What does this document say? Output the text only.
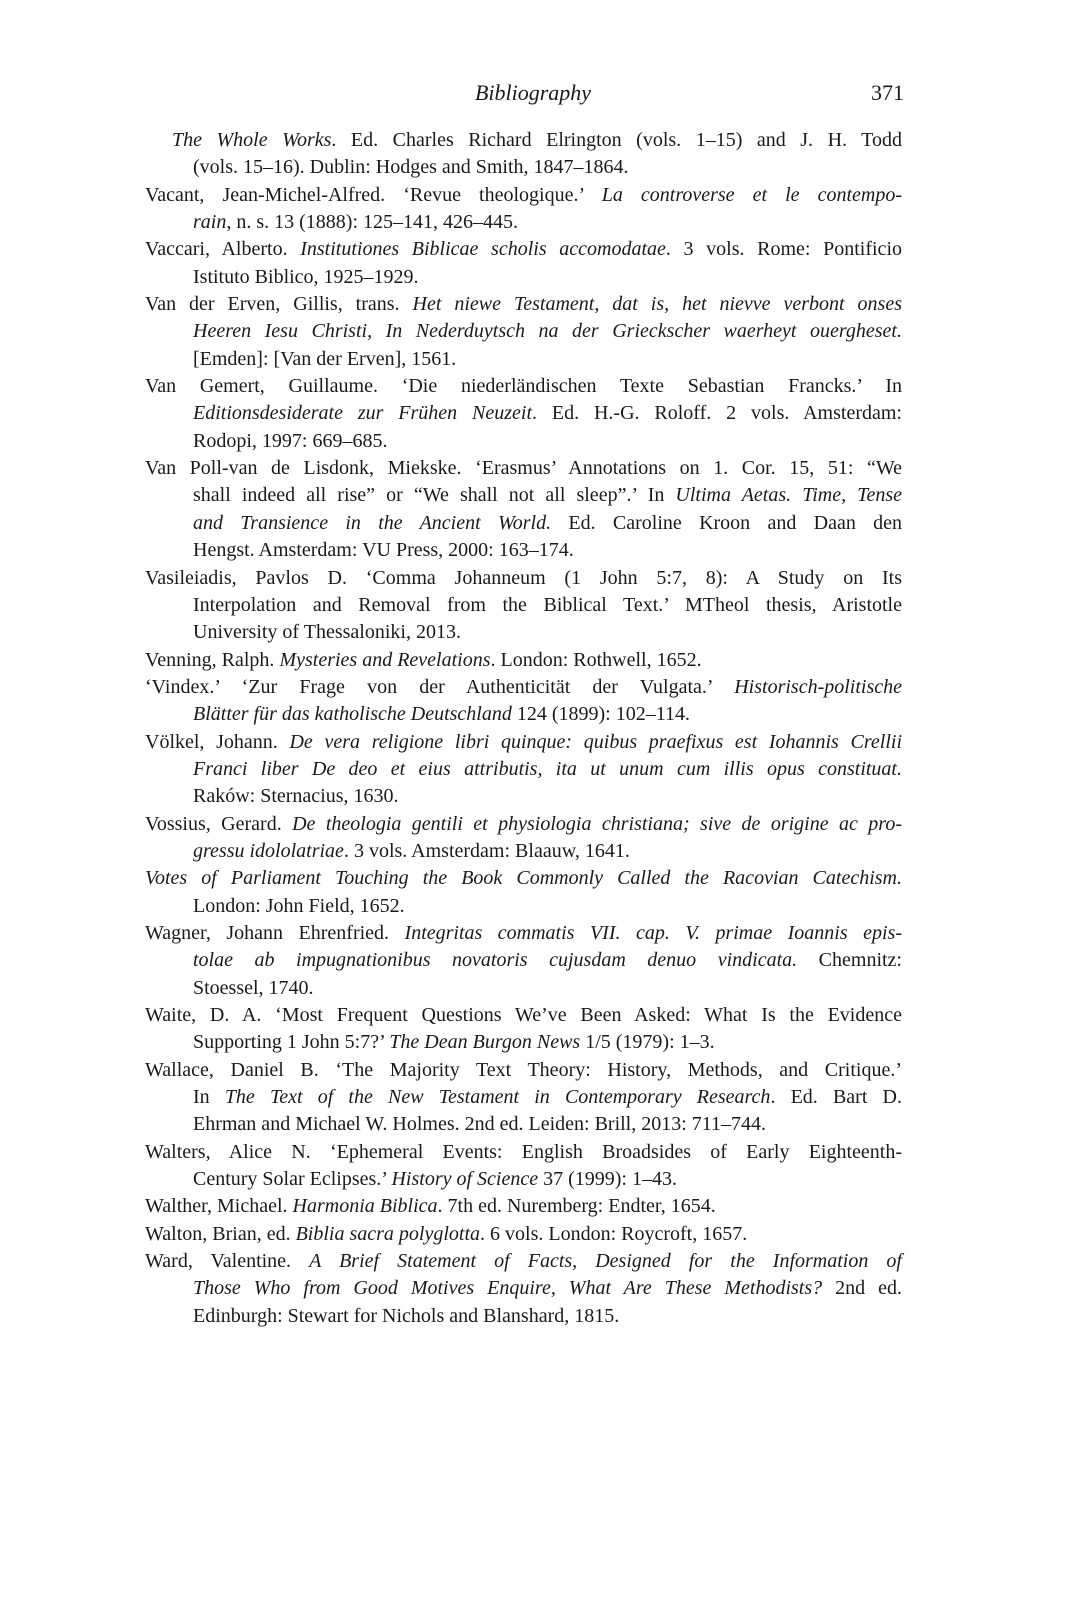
Bibliography	371
The Whole Works. Ed. Charles Richard Elrington (vols. 1–15) and J. H. Todd
(vols. 15–16). Dublin: Hodges and Smith, 1847–1864.
Vacant, Jean-Michel-Alfred. ‘Revue theologique.’ La controverse et le contempo-
rain, n. s. 13 (1888): 125–141, 426–445.
Vaccari, Alberto. Institutiones Biblicae scholis accomodatae. 3 vols. Rome: Pontificio
Istituto Biblico, 1925–1929.
Van der Erven, Gillis, trans. Het niewe Testament, dat is, het nievve verbont onses
Heeren Iesu Christi, In Nederduytsch na der Grieckscher waerheyt ouergheset.
[Emden]: [Van der Erven], 1561.
Van Gemert, Guillaume. ‘Die niederländischen Texte Sebastian Francks.’ In
Editionsdesiderate zur Frühen Neuzeit. Ed. H.-G. Roloff. 2 vols. Amsterdam:
Rodopi, 1997: 669–685.
Van Poll-van de Lisdonk, Miekske. ‘Erasmus’ Annotations on 1. Cor. 15, 51: “We
shall indeed all rise” or “We shall not all sleep”.’ In Ultima Aetas. Time, Tense
and Transience in the Ancient World. Ed. Caroline Kroon and Daan den
Hengst. Amsterdam: VU Press, 2000: 163–174.
Vasileiadis, Pavlos D. ‘Comma Johanneum (1 John 5:7, 8): A Study on Its
Interpolation and Removal from the Biblical Text.’ MTheol thesis, Aristotle
University of Thessaloniki, 2013.
Venning, Ralph. Mysteries and Revelations. London: Rothwell, 1652.
‘Vindex.’ ‘Zur Frage von der Authenticität der Vulgata.’ Historisch-politische
Blätter für das katholische Deutschland 124 (1899): 102–114.
Völkel, Johann. De vera religione libri quinque: quibus praefixus est Iohannis Crellii
Franci liber De deo et eius attributis, ita ut unum cum illis opus constituat.
Raków: Sternacius, 1630.
Vossius, Gerard. De theologia gentili et physiologia christiana; sive de origine ac pro-
gressu idololatriae. 3 vols. Amsterdam: Blaauw, 1641.
Votes of Parliament Touching the Book Commonly Called the Racovian Catechism.
London: John Field, 1652.
Wagner, Johann Ehrenfried. Integritas commatis VII. cap. V. primae Ioannis epis-
tolae ab impugnationibus novatoris cujusdam denuo vindicata. Chemnitz:
Stoessel, 1740.
Waite, D. A. ‘Most Frequent Questions We’ve Been Asked: What Is the Evidence
Supporting 1 John 5:7?’ The Dean Burgon News 1/5 (1979): 1–3.
Wallace, Daniel B. ‘The Majority Text Theory: History, Methods, and Critique.’
In The Text of the New Testament in Contemporary Research. Ed. Bart D.
Ehrman and Michael W. Holmes. 2nd ed. Leiden: Brill, 2013: 711–744.
Walters, Alice N. ‘Ephemeral Events: English Broadsides of Early Eighteenth-
Century Solar Eclipses.’ History of Science 37 (1999): 1–43.
Walther, Michael. Harmonia Biblica. 7th ed. Nuremberg: Endter, 1654.
Walton, Brian, ed. Biblia sacra polyglotta. 6 vols. London: Roycroft, 1657.
Ward, Valentine. A Brief Statement of Facts, Designed for the Information of
Those Who from Good Motives Enquire, What Are These Methodists? 2nd ed.
Edinburgh: Stewart for Nichols and Blanshard, 1815.
